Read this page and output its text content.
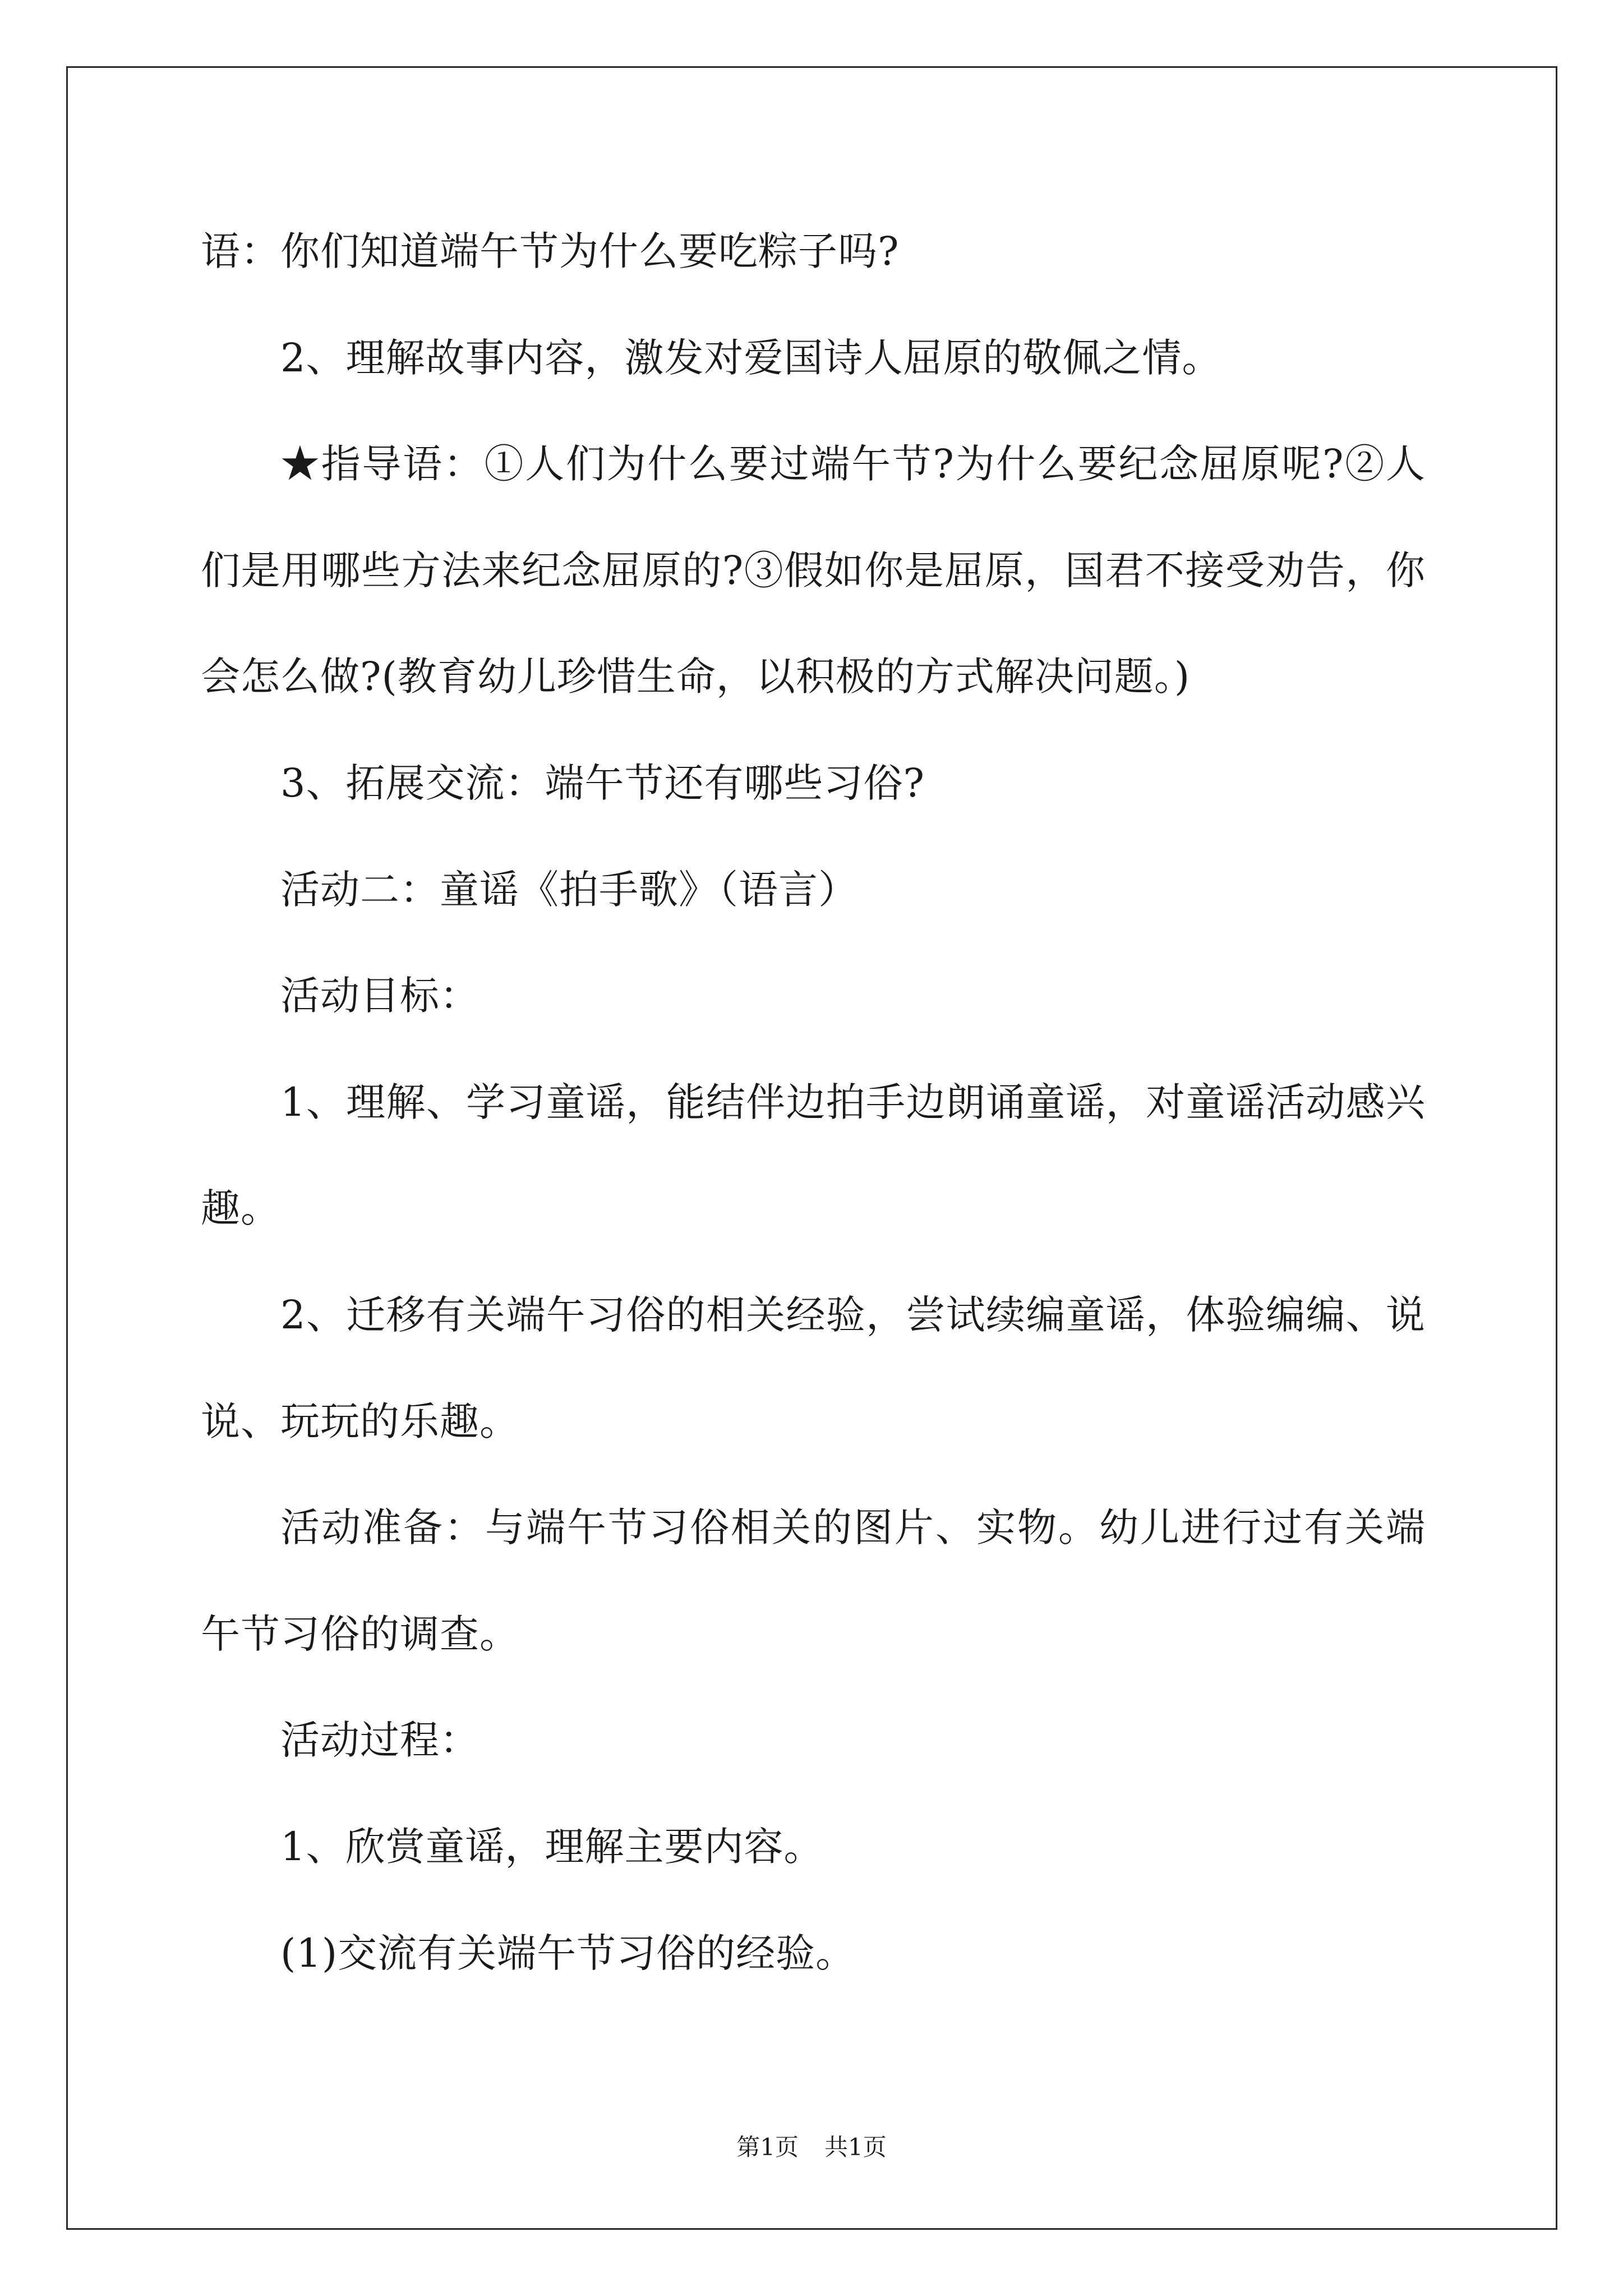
语：你们知道端午节为什么要吃粽子吗?
2、理解故事内容，激发对爱国诗人屈原的敬佩之情。
★指导语：①人们为什么要过端午节?为什么要纪念屈原呢?②人
们是用哪些方法来纪念屈原的?③假如你是屈原，国君不接受劝告，你
会怎么做?(教育幼儿珍惜生命，以积极的方式解决问题。)
3、拓展交流：端午节还有哪些习俗?
活动二：童谣《拍手歌》（语言）
活动目标：
1、理解、学习童谣，能结伴边拍手边朗诵童谣，对童谣活动感兴
趣。
2、迁移有关端午习俗的相关经验，尝试续编童谣，体验编编、说
说、玩玩的乐趣。
活动准备：与端午节习俗相关的图片、实物。幼儿进行过有关端
午节习俗的调查。
活动过程：
1、欣赏童谣，理解主要内容。
(1)交流有关端午节习俗的经验。
第1页 共1页
